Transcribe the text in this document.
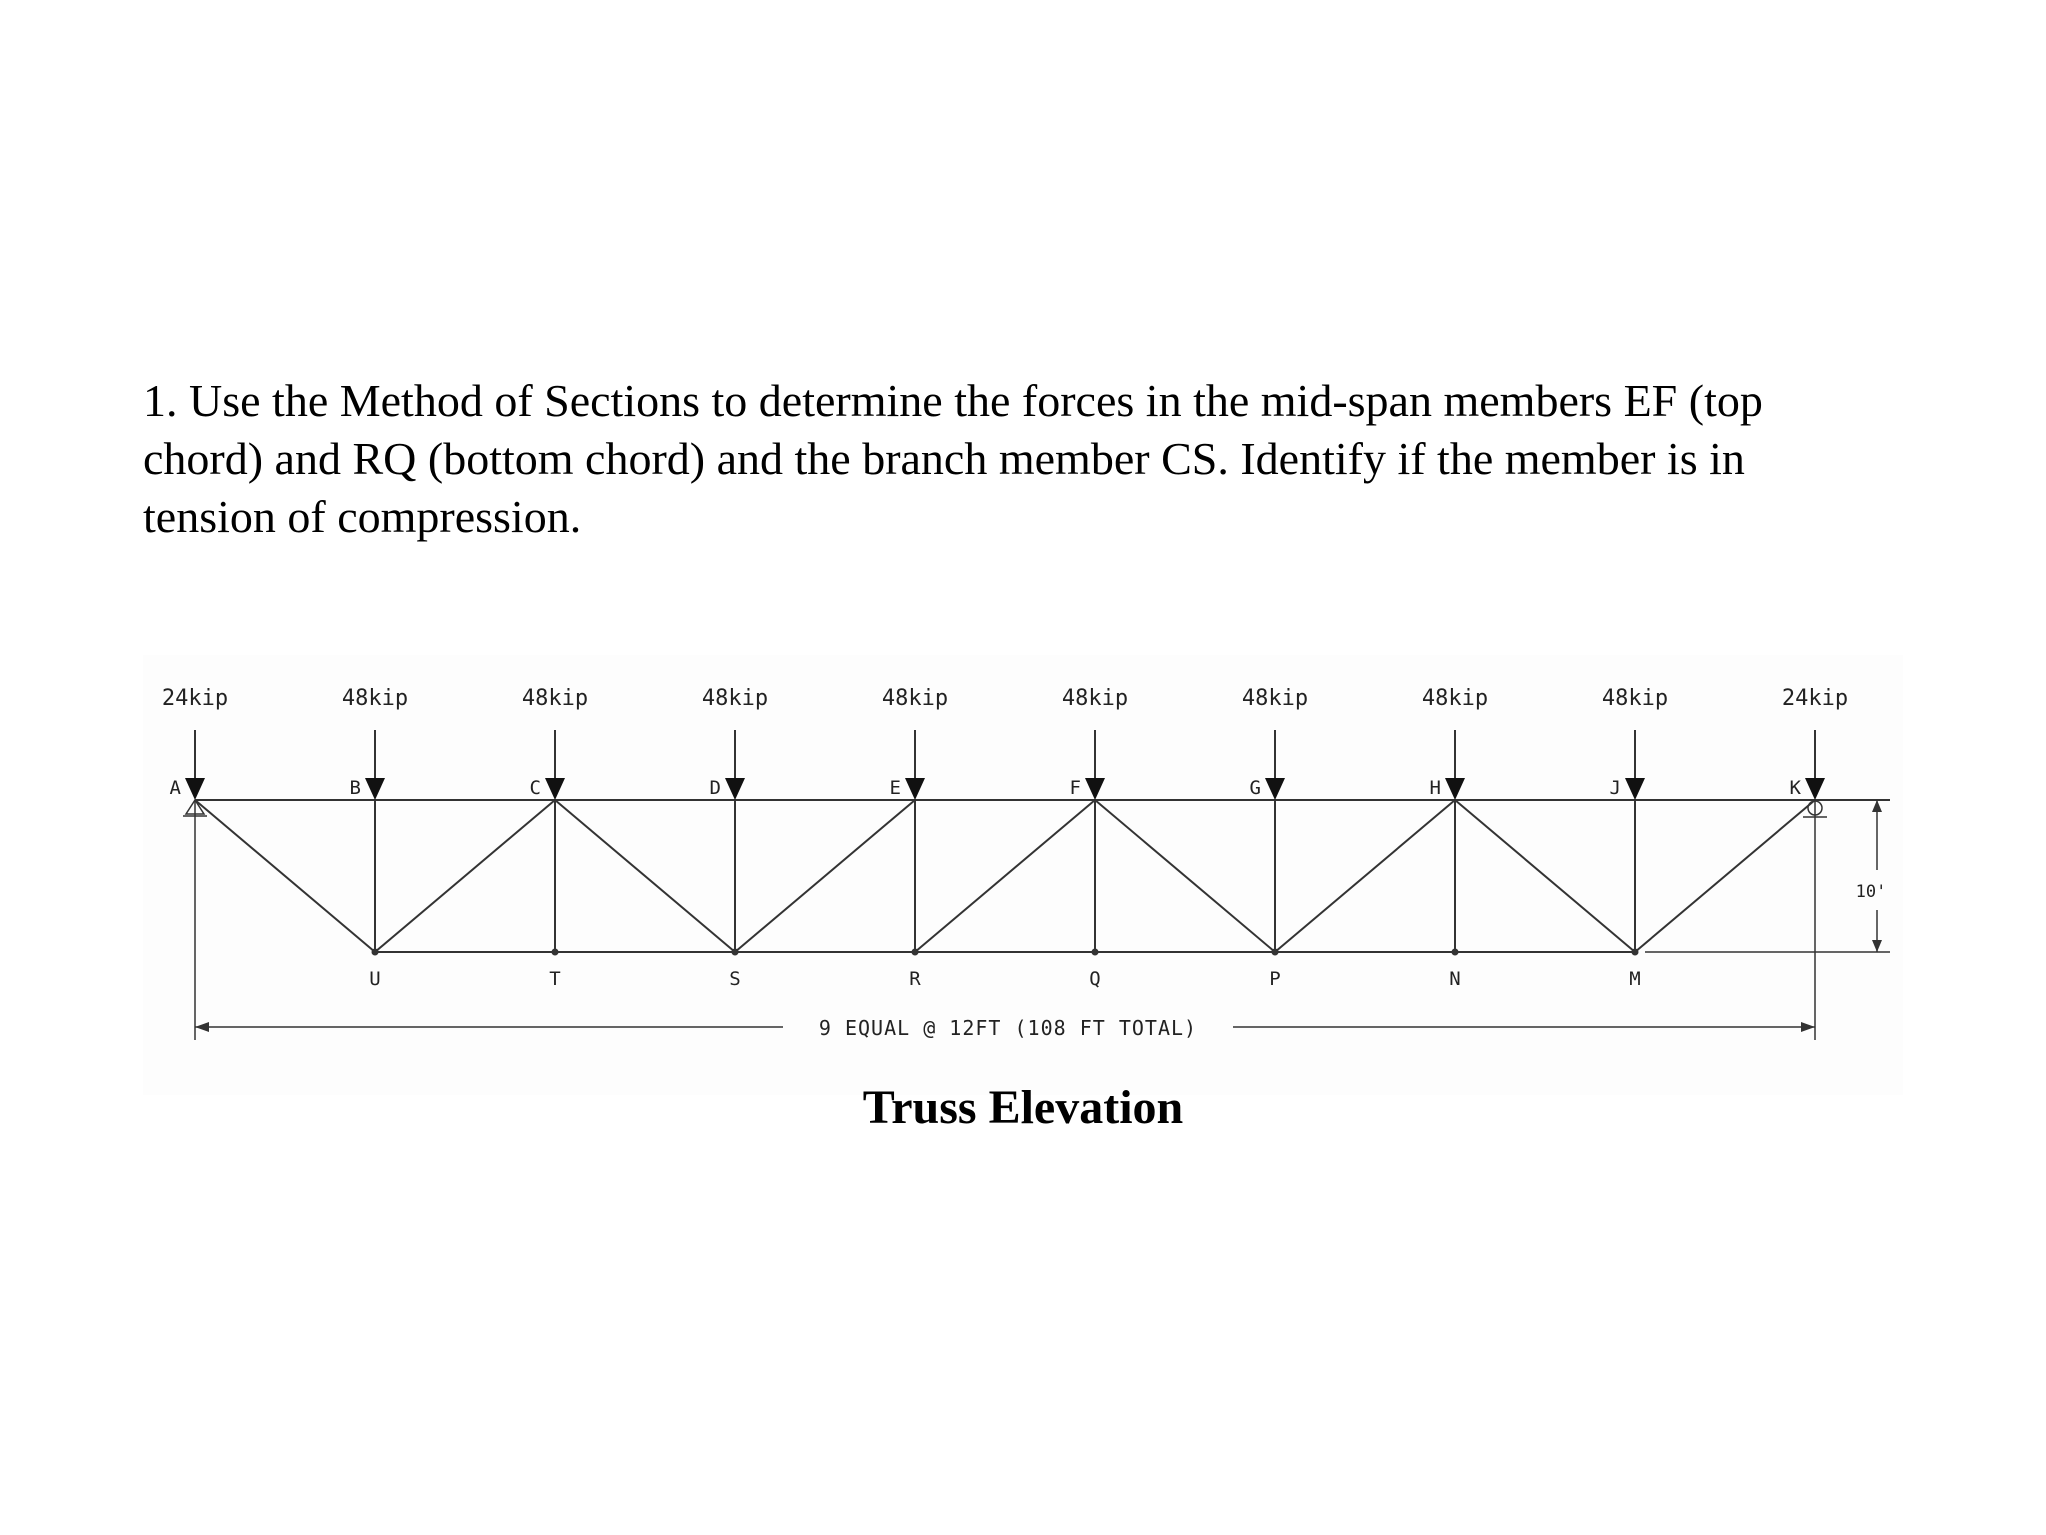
1. Use the Method of Sections to determine the forces in the mid-span members EF (top
chord) and RQ (bottom chord) and the branch member CS. Identify if the member is in
tension of compression.
24kip
A
48kip
B
48kip
C
48kip
D
48kip
E
48kip
F
48kip
G
48kip
H
48kip
J
24kip
K
U	T	S	R	Q	P	N	M
10'
9 EQUAL @ 12FT (108 FT TOTAL)
Truss Elevation
